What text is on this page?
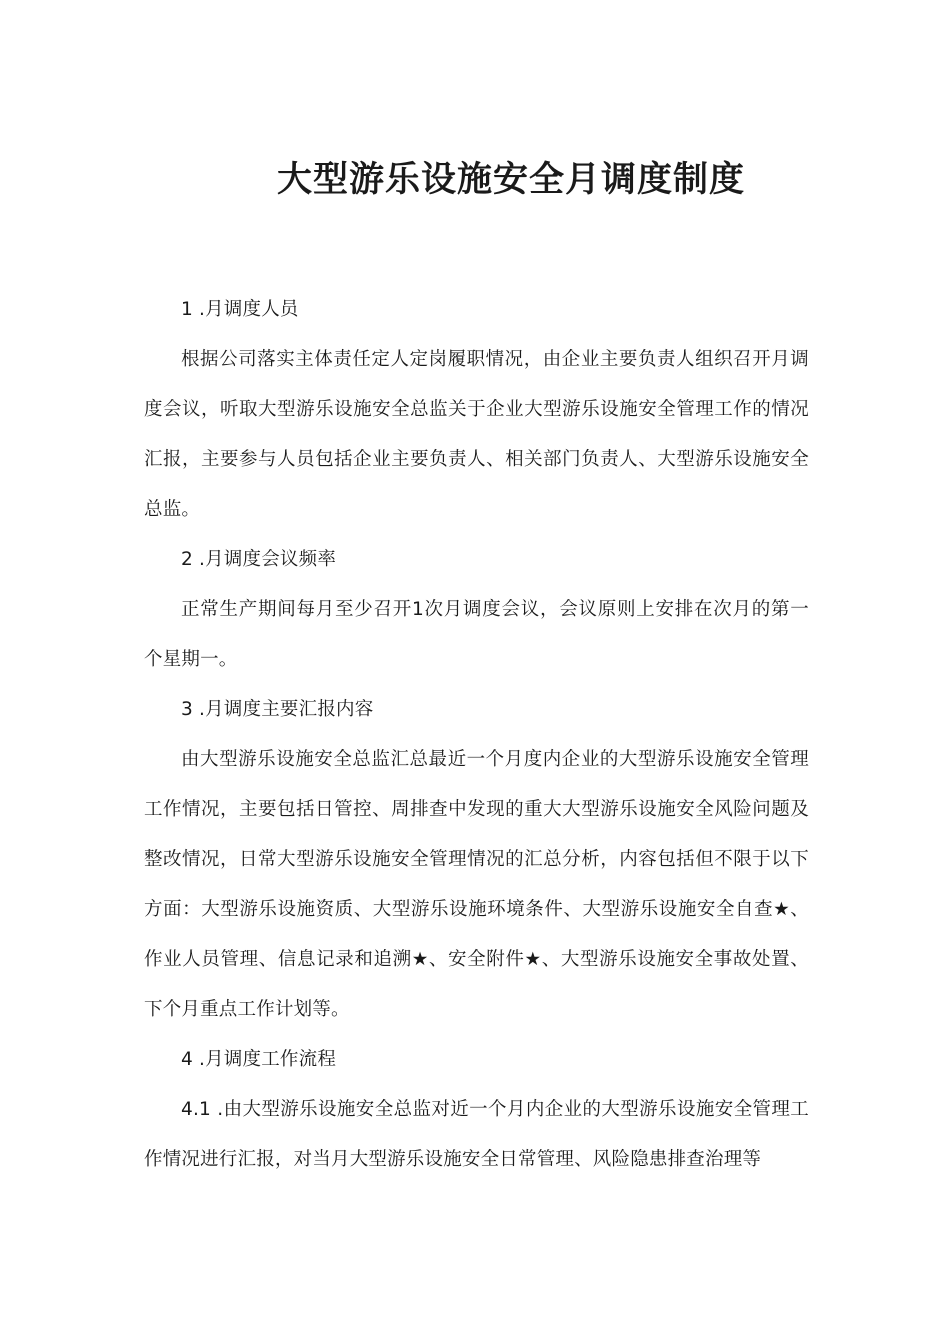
大型游乐设施安全月调度制度

1 .月调度人员

根据公司落实主体责任定人定岗履职情况，由企业主要负责人组织召开月调度会议，听取大型游乐设施安全总监关于企业大型游乐设施安全管理工作的情况汇报，主要参与人员包括企业主要负责人、相关部门负责人、大型游乐设施安全总监。

2 .月调度会议频率

正常生产期间每月至少召开1次月调度会议，会议原则上安排在次月的第一个星期一。

3 .月调度主要汇报内容

由大型游乐设施安全总监汇总最近一个月度内企业的大型游乐设施安全管理工作情况，主要包括日管控、周排查中发现的重大大型游乐设施安全风险问题及整改情况，日常大型游乐设施安全管理情况的汇总分析，内容包括但不限于以下方面：大型游乐设施资质、大型游乐设施环境条件、大型游乐设施安全自查★、作业人员管理、信息记录和追溯★、安全附件★、大型游乐设施安全事故处置、下个月重点工作计划等。

4 .月调度工作流程

4.1 .由大型游乐设施安全总监对近一个月内企业的大型游乐设施安全管理工作情况进行汇报，对当月大型游乐设施安全日常管理、风险隐患排查治理等
